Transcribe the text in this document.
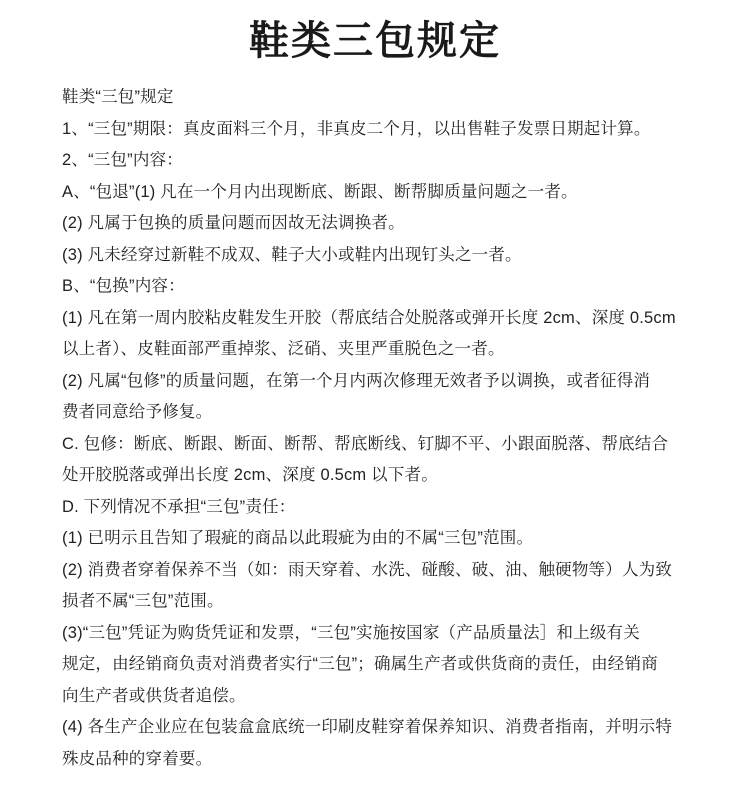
鞋类三包规定
鞋类“三包”规定
1、“三包”期限：真皮面料三个月，非真皮二个月，以出售鞋子发票日期起计算。
2、“三包”内容：
A、“包退”(1) 凡在一个月内出现断底、断跟、断帮脚质量问题之一者。
(2) 凡属于包换的质量问题而因故无法调换者。
(3) 凡未经穿过新鞋不成双、鞋子大小或鞋内出现钉头之一者。
B、“包换”内容：
(1) 凡在第一周内胶粘皮鞋发生开胶（帮底结合处脱落或弹开长度 2cm、深度 0.5cm
以上者）、皮鞋面部严重掉浆、泛硝、夹里严重脱色之一者。
(2) 凡属“包修”的质量问题，在第一个月内两次修理无效者予以调换，或者征得消
费者同意给予修复。
C. 包修：断底、断跟、断面、断帮、帮底断线、钉脚不平、小跟面脱落、帮底结合
处开胶脱落或弹出长度 2cm、深度 0.5cm 以下者。
D. 下列情况不承担“三包”责任：
(1) 已明示且告知了瑕疵的商品以此瑕疵为由的不属“三包”范围。
(2) 消费者穿着保养不当（如：雨天穿着、水洗、碰酸、破、油、触硬物等）人为致
损者不属“三包”范围。
(3)“三包”凭证为购货凭证和发票，“三包”实施按国家（产品质量法］和上级有关
规定，由经销商负责对消费者实行“三包”；确属生产者或供货商的责任，由经销商
向生产者或供货者追偿。
(4) 各生产企业应在包装盒盒底统一印刷皮鞋穿着保养知识、消费者指南，并明示特
殊皮品种的穿着要。
